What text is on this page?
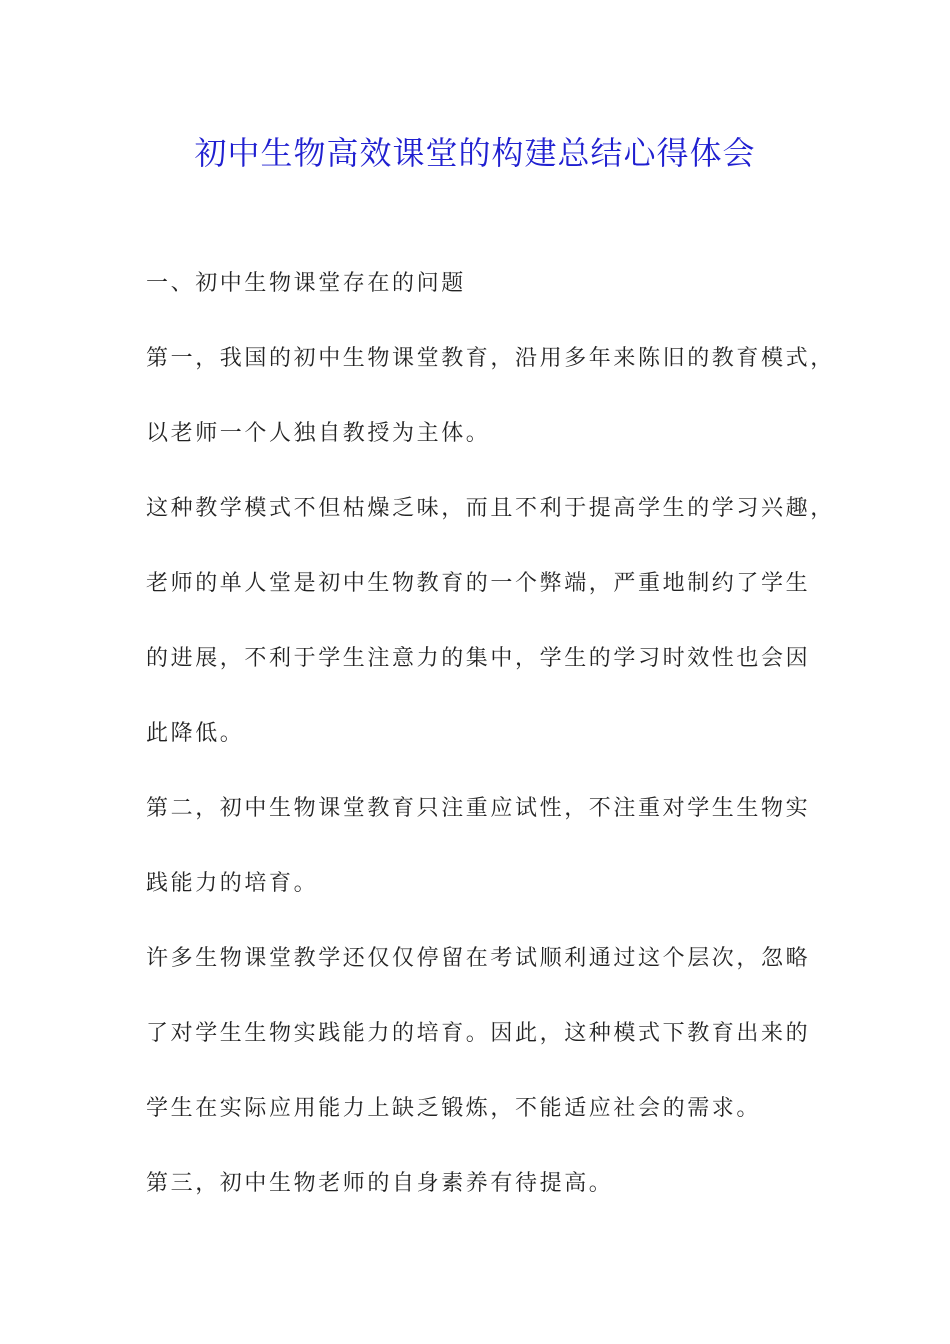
初中生物高效课堂的构建总结心得体会
一、初中生物课堂存在的问题
第一，我国的初中生物课堂教育，沿用多年来陈旧的教育模式，
以老师一个人独自教授为主体。
这种教学模式不但枯燥乏味，而且不利于提高学生的学习兴趣，
老师的单人堂是初中生物教育的一个弊端，严重地制约了学生
的进展，不利于学生注意力的集中，学生的学习时效性也会因
此降低。
第二，初中生物课堂教育只注重应试性，不注重对学生生物实
践能力的培育。
许多生物课堂教学还仅仅停留在考试顺利通过这个层次，忽略
了对学生生物实践能力的培育。因此，这种模式下教育出来的
学生在实际应用能力上缺乏锻炼，不能适应社会的需求。
第三，初中生物老师的自身素养有待提高。
